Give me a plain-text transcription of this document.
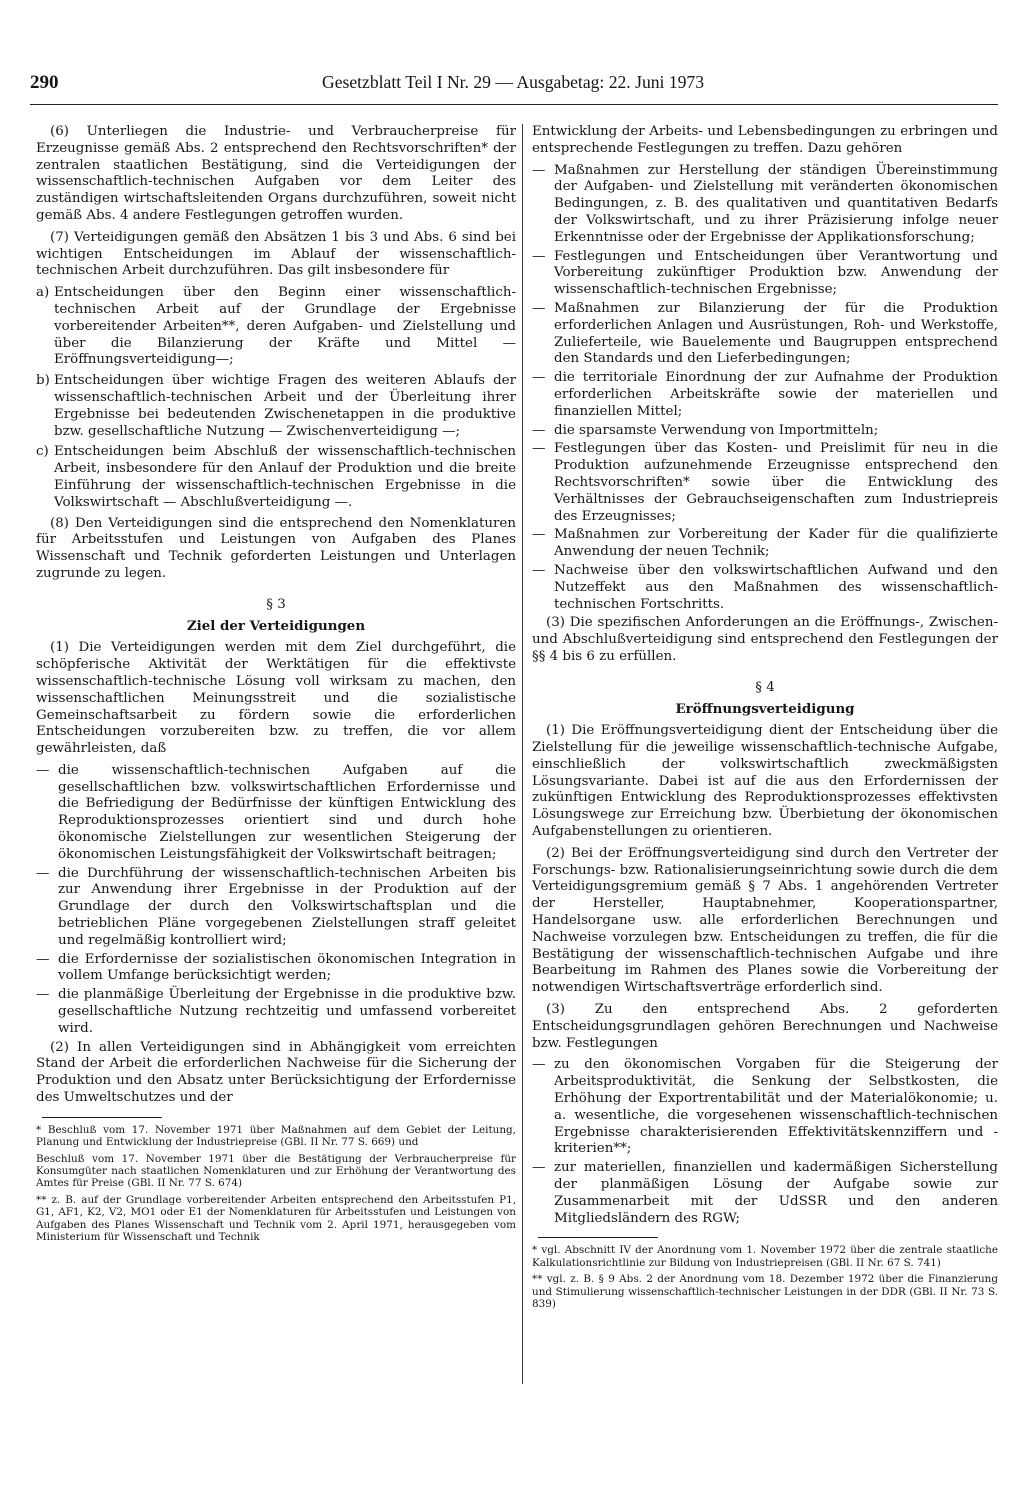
290	Gesetzblatt Teil I Nr. 29 — Ausgabetag: 22. Juni 1973

(6) Unterliegen die Industrie- und Verbraucherpreise für Erzeugnisse gemäß Abs. 2 entsprechend den Rechtsvorschriften* der zentralen staatlichen Bestätigung, sind die Verteidigungen der wissenschaftlich-technischen Aufgaben vor dem Leiter des zuständigen wirtschaftsleitenden Organs durchzuführen, soweit nicht gemäß Abs. 4 andere Festlegungen getroffen wurden.

(7) Verteidigungen gemäß den Absätzen 1 bis 3 und Abs. 6 sind bei wichtigen Entscheidungen im Ablauf der wissenschaftlich-technischen Arbeit durchzuführen. Das gilt insbesondere für

a) Entscheidungen über den Beginn einer wissenschaftlich-technischen Arbeit auf der Grundlage der Ergebnisse vorbereitender Arbeiten**, deren Aufgaben- und Zielstellung und über die Bilanzierung der Kräfte und Mittel — Eröffnungsverteidigung—;
b) Entscheidungen über wichtige Fragen des weiteren Ablaufs der wissenschaftlich-technischen Arbeit und der Überleitung ihrer Ergebnisse bei bedeutenden Zwischenetappen in die produktive bzw. gesellschaftliche Nutzung — Zwischenverteidigung —;
c) Entscheidungen beim Abschluß der wissenschaftlich-technischen Arbeit, insbesondere für den Anlauf der Produktion und die breite Einführung der wissenschaftlich-technischen Ergebnisse in die Volkswirtschaft — Abschlußverteidigung —.

(8) Den Verteidigungen sind die entsprechend den Nomenklaturen für Arbeitsstufen und Leistungen von Aufgaben des Planes Wissenschaft und Technik geforderten Leistungen und Unterlagen zugrunde zu legen.

§ 3
Ziel der Verteidigungen

(1) Die Verteidigungen werden mit dem Ziel durchgeführt, die schöpferische Aktivität der Werktätigen für die effektivste wissenschaftlich-technische Lösung voll wirksam zu machen, den wissenschaftlichen Meinungsstreit und die sozialistische Gemeinschaftsarbeit zu fördern sowie die erforderlichen Entscheidungen vorzubereiten bzw. zu treffen, die vor allem gewährleisten, daß

— die wissenschaftlich-technischen Aufgaben auf die gesellschaftlichen bzw. volkswirtschaftlichen Erfordernisse und die Befriedigung der Bedürfnisse der künftigen Entwicklung des Reproduktionsprozesses orientiert sind und durch hohe ökonomische Zielstellungen zur wesentlichen Steigerung der ökonomischen Leistungsfähigkeit der Volkswirtschaft beitragen;
— die Durchführung der wissenschaftlich-technischen Arbeiten bis zur Anwendung ihrer Ergebnisse in der Produktion auf der Grundlage der durch den Volkswirtschaftsplan und die betrieblichen Pläne vorgegebenen Zielstellungen straff geleitet und regelmäßig kontrolliert wird;
— die Erfordernisse der sozialistischen ökonomischen Integration in vollem Umfange berücksichtigt werden;
— die planmäßige Überleitung der Ergebnisse in die produktive bzw. gesellschaftliche Nutzung rechtzeitig und umfassend vorbereitet wird.

(2) In allen Verteidigungen sind in Abhängigkeit vom erreichten Stand der Arbeit die erforderlichen Nachweise für die Sicherung der Produktion und den Absatz unter Berücksichtigung der Erfordernisse des Umweltschutzes und der

* Beschluß vom 17. November 1971 über Maßnahmen auf dem Gebiet der Leitung, Planung und Entwicklung der Industriepreise (GBl. II Nr. 77 S. 669) und
Beschluß vom 17. November 1971 über die Bestätigung der Verbraucherpreise für Konsumgüter nach staatlichen Nomenklaturen und zur Erhöhung der Verantwortung des Amtes für Preise (GBl. II Nr. 77 S. 674)
** z. B. auf der Grundlage vorbereitender Arbeiten entsprechend den Arbeitsstufen P1, G1, AF1, K2, V2, MO1 oder E1 der Nomenklaturen für Arbeitsstufen und Leistungen von Aufgaben des Planes Wissenschaft und Technik vom 2. April 1971, herausgegeben vom Ministerium für Wissenschaft und Technik

Entwicklung der Arbeits- und Lebensbedingungen zu erbringen und entsprechende Festlegungen zu treffen. Dazu gehören

— Maßnahmen zur Herstellung der ständigen Übereinstimmung der Aufgaben- und Zielstellung mit veränderten ökonomischen Bedingungen, z. B. des qualitativen und quantitativen Bedarfs der Volkswirtschaft, und zu ihrer Präzisierung infolge neuer Erkenntnisse oder der Ergebnisse der Applikationsforschung;
— Festlegungen und Entscheidungen über Verantwortung und Vorbereitung zukünftiger Produktion bzw. Anwendung der wissenschaftlich-technischen Ergebnisse;
— Maßnahmen zur Bilanzierung der für die Produktion erforderlichen Anlagen und Ausrüstungen, Roh- und Werkstoffe, Zulieferteile, wie Bauelemente und Baugruppen entsprechend den Standards und den Lieferbedingungen;
— die territoriale Einordnung der zur Aufnahme der Produktion erforderlichen Arbeitskräfte sowie der materiellen und finanziellen Mittel;
— die sparsamste Verwendung von Importmitteln;
— Festlegungen über das Kosten- und Preislimit für neu in die Produktion aufzunehmende Erzeugnisse entsprechend den Rechtsvorschriften* sowie über die Entwicklung des Verhältnisses der Gebrauchseigenschaften zum Industriepreis des Erzeugnisses;
— Maßnahmen zur Vorbereitung der Kader für die qualifizierte Anwendung der neuen Technik;
— Nachweise über den volkswirtschaftlichen Aufwand und den Nutzeffekt aus den Maßnahmen des wissenschaftlich-technischen Fortschritts.

(3) Die spezifischen Anforderungen an die Eröffnungs-, Zwischen- und Abschlußverteidigung sind entsprechend den Festlegungen der §§ 4 bis 6 zu erfüllen.

§ 4
Eröffnungsverteidigung

(1) Die Eröffnungsverteidigung dient der Entscheidung über die Zielstellung für die jeweilige wissenschaftlich-technische Aufgabe, einschließlich der volkswirtschaftlich zweckmäßigsten Lösungsvariante. Dabei ist auf die aus den Erfordernissen der zukünftigen Entwicklung des Reproduktionsprozesses effektivsten Lösungswege zur Erreichung bzw. Überbietung der ökonomischen Aufgabenstellungen zu orientieren.

(2) Bei der Eröffnungsverteidigung sind durch den Vertreter der Forschungs- bzw. Rationalisierungseinrichtung sowie durch die dem Verteidigungsgremium gemäß § 7 Abs. 1 angehörenden Vertreter der Hersteller, Hauptabnehmer, Kooperationspartner, Handelsorgane usw. alle erforderlichen Berechnungen und Nachweise vorzulegen bzw. Entscheidungen zu treffen, die für die Bestätigung der wissenschaftlich-technischen Aufgabe und ihre Bearbeitung im Rahmen des Planes sowie die Vorbereitung der notwendigen Wirtschaftsverträge erforderlich sind.

(3) Zu den entsprechend Abs. 2 geforderten Entscheidungsgrundlagen gehören Berechnungen und Nachweise bzw. Festlegungen

— zu den ökonomischen Vorgaben für die Steigerung der Arbeitsproduktivität, die Senkung der Selbstkosten, die Erhöhung der Exportrentabilität und der Materialökonomie; u. a. wesentliche, die vorgesehenen wissenschaftlich-technischen Ergebnisse charakterisierenden Effektivitätskennziffern und -kriterien**;
— zur materiellen, finanziellen und kadermäßigen Sicherstellung der planmäßigen Lösung der Aufgabe sowie zur Zusammenarbeit mit der UdSSR und den anderen Mitgliedsländern des RGW;
* vgl. Abschnitt IV der Anordnung vom 1. November 1972 über die zentrale staatliche Kalkulationsrichtlinie zur Bildung von Industriepreisen (GBl. II Nr. 67 S. 741)
** vgl. z. B. § 9 Abs. 2 der Anordnung vom 18. Dezember 1972 über die Finanzierung und Stimulierung wissenschaftlich-technischer Leistungen in der DDR (GBl. II Nr. 73 S. 839)
